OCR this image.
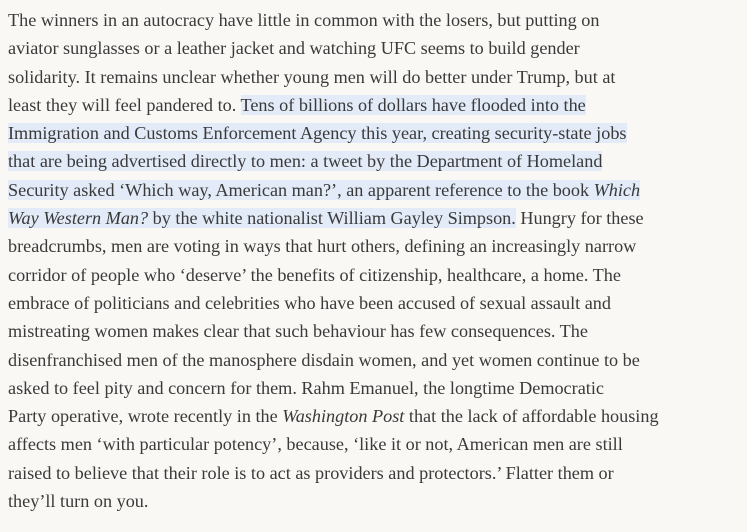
The winners in an autocracy have little in common with the losers, but putting on
aviator sunglasses or a leather jacket and watching UFC seems to build gender
solidarity. It remains unclear whether young men will do better under Trump, but at
least they will feel pandered to. Tens of billions of dollars have flooded into the
Immigration and Customs Enforcement Agency this year, creating security-state jobs
that are being advertised directly to men: a tweet by the Department of Homeland
Security asked ‘Which way, American man?’, an apparent reference to the book Which
Way Western Man? by the white nationalist William Gayley Simpson. Hungry for these
breadcrumbs, men are voting in ways that hurt others, defining an increasingly narrow
corridor of people who ‘deserve’ the benefits of citizenship, healthcare, a home. The
embrace of politicians and celebrities who have been accused of sexual assault and
mistreating women makes clear that such behaviour has few consequences. The
disenfranchised men of the manosphere disdain women, and yet women continue to be
asked to feel pity and concern for them. Rahm Emanuel, the longtime Democratic
Party operative, wrote recently in the Washington Post that the lack of affordable housing
affects men ‘with particular potency’, because, ‘like it or not, American men are still
raised to believe that their role is to act as providers and protectors.’ Flatter them or
they’ll turn on you.
